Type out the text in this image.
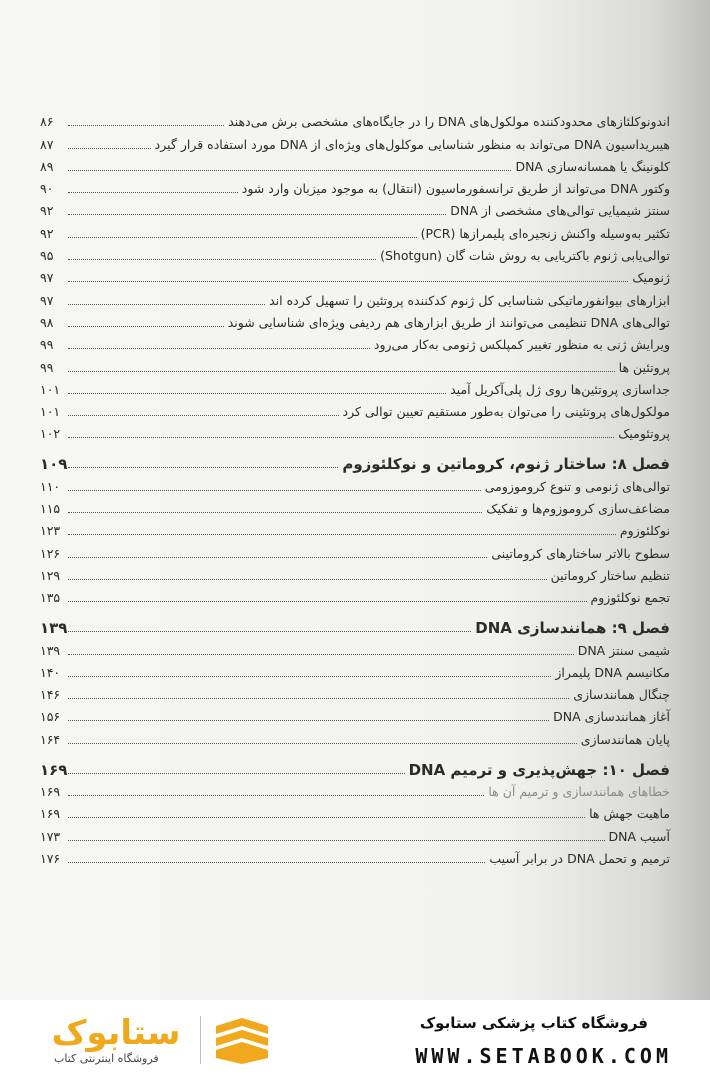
اندونوکلئازهای محدودکننده مولکول‌های DNA را در جایگاه‌های مشخصی برش می‌دهند
۸۶
هیبریداسیون DNA می‌تواند به منظور شناسایی موکلول‌های ویژه‌ای از DNA مورد استفاده قرار گیرد
۸۷
کلونینگ یا همسانه‌سازی DNA
۸۹
وکتور DNA می‌تواند از طریق ترانسفورماسیون (انتقال) به موجود میزبان وارد شود
۹۰
سنتز شیمیایی توالی‌های مشخصی از DNA
۹۲
تکثیر به‌وسیله واکنش زنجیره‌ای پلیمرازها (PCR)
۹۲
توالی‌یابی ژنوم باکتریایی به روش شات گان (Shotgun)
۹۵
ژنومیک
۹۷
ابزارهای بیوانفورماتیکی شناسایی کل ژنوم کدکننده پروتئین را تسهیل کرده اند
۹۷
توالی‌های DNA تنظیمی می‌توانند از طریق ابزارهای هم ردیفی ویژه‌ای شناسایی شوند
۹۸
ویرایش ژنی به منظور تغییر کمپلکس ژنومی به‌کار می‌رود
۹۹
پروتئین ها
۹۹
جداسازی پروتئین‌ها روی ژل پلی‌آکریل آمید
۱۰۱
مولکول‌های پروتئینی را می‌توان به‌طور مستقیم تعیین توالی کرد
۱۰۱
پروتئومیک
۱۰۲
فصل ۸: ساختار ژنوم، کروماتین و نوکلئوزوم
۱۰۹
توالی‌های ژنومی و تنوع کروموزومی
۱۱۰
مضاعف‌سازی کروموزوم‌ها و تفکیک
۱۱۵
نوکلئوزوم
۱۲۳
سطوح بالاتر ساختارهای کروماتینی
۱۲۶
تنظیم ساختار کروماتین
۱۲۹
تجمع نوکلئوزوم
۱۳۵
فصل ۹: همانندسازی DNA
۱۳۹
شیمی سنتز DNA
۱۳۹
مکانیسم DNA پلیمراز
۱۴۰
چنگال همانندسازی
۱۴۶
آغاز همانندسازی DNA
۱۵۶
پایان همانندسازی
۱۶۴
فصل ۱۰: جهش‌پذیری و ترمیم DNA
۱۶۹
خطاهای همانندسازی و ترمیم آن ها
۱۶۹
ماهیت جهش ها
۱۶۹
آسیب DNA
۱۷۳
ترمیم و تحمل DNA در برابر آسیب
۱۷۶
ستابوک
فروشگاه اینترنتی کتاب
فروشگاه کتاب پزشکی ستابوک
WWW.SETABOOK.COM
